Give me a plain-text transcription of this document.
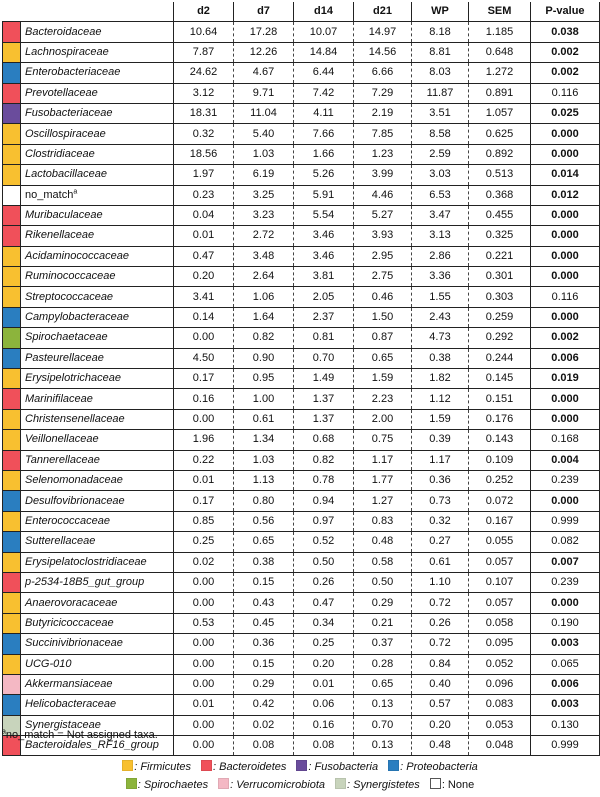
		d2	d7	d14	d21	WP	SEM	P-value
	Bacteroidaceae	10.64	17.28	10.07	14.97	8.18	1.185	0.038
	Lachnospiraceae	7.87	12.26	14.84	14.56	8.81	0.648	0.002
	Enterobacteriaceae	24.62	4.67	6.44	6.66	8.03	1.272	0.002
	Prevotellaceae	3.12	9.71	7.42	7.29	11.87	0.891	0.116
	Fusobacteriaceae	18.31	11.04	4.11	2.19	3.51	1.057	0.025
	Oscillospiraceae	0.32	5.40	7.66	7.85	8.58	0.625	0.000
	Clostridiaceae	18.56	1.03	1.66	1.23	2.59	0.892	0.000
	Lactobacillaceae	1.97	6.19	5.26	3.99	3.03	0.513	0.014
	no_match$^a$	0.23	3.25	5.91	4.46	6.53	0.368	0.012
	Muribaculaceae	0.04	3.23	5.54	5.27	3.47	0.455	0.000
	Rikenellaceae	0.01	2.72	3.46	3.93	3.13	0.325	0.000
	Acidaminococcaceae	0.47	3.48	3.46	2.95	2.86	0.221	0.000
	Ruminococcaceae	0.20	2.64	3.81	2.75	3.36	0.301	0.000
	Streptococcaceae	3.41	1.06	2.05	0.46	1.55	0.303	0.116
	Campylobacteraceae	0.14	1.64	2.37	1.50	2.43	0.259	0.000
	Spirochaetaceae	0.00	0.82	0.81	0.87	4.73	0.292	0.002
	Pasteurellaceae	4.50	0.90	0.70	0.65	0.38	0.244	0.006
	Erysipelotrichaceae	0.17	0.95	1.49	1.59	1.82	0.145	0.019
	Marinifilaceae	0.16	1.00	1.37	2.23	1.12	0.151	0.000
	Christensenellaceae	0.00	0.61	1.37	2.00	1.59	0.176	0.000
	Veillonellaceae	1.96	1.34	0.68	0.75	0.39	0.143	0.168
	Tannerellaceae	0.22	1.03	0.82	1.17	1.17	0.109	0.004
	Selenomonadaceae	0.01	1.13	0.78	1.77	0.36	0.252	0.239
	Desulfovibrionaceae	0.17	0.80	0.94	1.27	0.73	0.072	0.000
	Enterococcaceae	0.85	0.56	0.97	0.83	0.32	0.167	0.999
	Sutterellaceae	0.25	0.65	0.52	0.48	0.27	0.055	0.082
	Erysipelatoclostridiaceae	0.02	0.38	0.50	0.58	0.61	0.057	0.007
	p-2534-18B5_gut_group	0.00	0.15	0.26	0.50	1.10	0.107	0.239
	Anaerovoracaceae	0.00	0.43	0.47	0.29	0.72	0.057	0.000
	Butyricicoccaceae	0.53	0.45	0.34	0.21	0.26	0.058	0.190
	Succinivibrionaceae	0.00	0.36	0.25	0.37	0.72	0.095	0.003
	UCG-010	0.00	0.15	0.20	0.28	0.84	0.052	0.065
	Akkermansiaceae	0.00	0.29	0.01	0.65	0.40	0.096	0.006
	Helicobacteraceae	0.01	0.42	0.06	0.13	0.57	0.083	0.003
	Synergistaceae	0.00	0.02	0.16	0.70	0.20	0.053	0.130
	Bacteroidales_RF16_group	0.00	0.08	0.08	0.13	0.48	0.048	0.999
$^a$no_match = Not assigned taxa.
: Firmicutes : Bacteroidetes : Fusobacteria : Proteobacteria
: Spirochaetes : Verrucomicrobiota : Synergistetes : None
